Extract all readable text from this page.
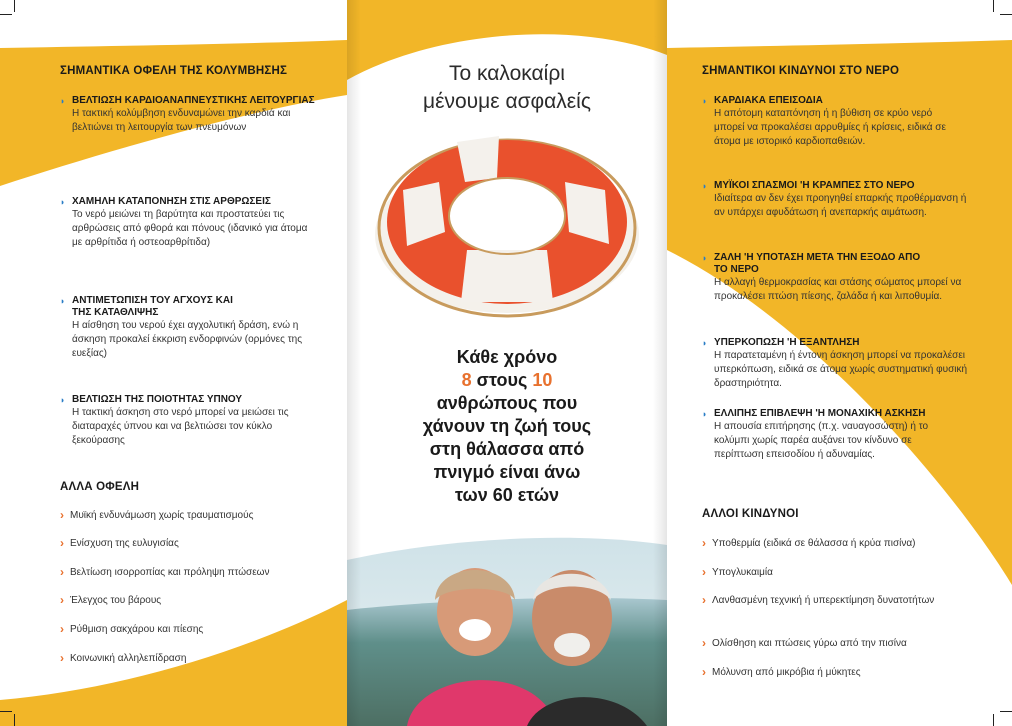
ΣΗΜΑΝΤΙΚΑ ΟΦΕΛΗ ΤΗΣ ΚΟΛΥΜΒΗΣΗΣ
◗ ΒΕΛΤΙΩΣΗ ΚΑΡΔΙΟΑΝΑΠΝΕΥΣΤΙΚΗΣ ΛΕΙΤΟΥΡΓΙΑΣ
Η τακτική κολύμβηση ενδυναμώνει την καρδιά και βελτιώνει τη λειτουργία των πνευμόνων
◗ ΧΑΜΗΛΗ ΚΑΤΑΠΟΝΗΣΗ ΣΤΙΣ ΑΡΘΡΩΣΕΙΣ
Το νερό μειώνει τη βαρύτητα και προστατεύει τις αρθρώσεις από φθορά και πόνους (ιδανικό για άτομα με αρθρίτιδα ή οστεοαρθρίτιδα)
◗ ΑΝΤΙΜΕΤΩΠΙΣΗ ΤΟΥ ΑΓΧΟΥΣ ΚΑΙ ΤΗΣ ΚΑΤΑΘΛΙΨΗΣ
Η αίσθηση του νερού έχει αγχολυτική δράση, ενώ η άσκηση προκαλεί έκκριση ενδορφινών (ορμόνες της ευεξίας)
◗ ΒΕΛΤΙΩΣΗ ΤΗΣ ΠΟΙΟΤΗΤΑΣ ΥΠΝΟΥ
Η τακτική άσκηση στο νερό μπορεί να μειώσει τις διαταραχές ύπνου και να βελτιώσει τον κύκλο ξεκούρασης
ΑΛΛΑ ΟΦΕΛΗ
› Μυϊκή ενδυνάμωση χωρίς τραυματισμούς
› Ενίσχυση της ευλυγισίας
› Βελτίωση ισορροπίας και πρόληψη πτώσεων
› Έλεγχος του βάρους
› Ρύθμιση σακχάρου και πίεσης
› Κοινωνική αλληλεπίδραση
Το καλοκαίρι
μένουμε ασφαλείς
Κάθε χρόνο
8 στους 10
ανθρώπους που
χάνουν τη ζωή τους
στη θάλασσα από
πνιγμό είναι άνω
των 60 ετών
ΣΗΜΑΝΤΙΚΟΙ ΚΙΝΔΥΝΟΙ ΣΤΟ ΝΕΡΟ
◗ ΚΑΡΔΙΑΚΑ ΕΠΕΙΣΟΔΙΑ
Η απότομη καταπόνηση ή η βύθιση σε κρύο νερό μπορεί να προκαλέσει αρρυθμίες ή κρίσεις, ειδικά σε άτομα με ιστορικό καρδιοπαθειών.
◗ ΜΥΪΚΟΙ ΣΠΑΣΜΟΙ 'Η ΚΡΑΜΠΕΣ ΣΤΟ ΝΕΡΟ
Ιδιαίτερα αν δεν έχει προηγηθεί επαρκής προθέρμανση ή αν υπάρχει αφυδάτωση ή ανεπαρκής αιμάτωση.
◗ ΖΑΛΗ 'Η ΥΠΟΤΑΣΗ ΜΕΤΑ ΤΗΝ ΕΞΟΔΟ ΑΠΟ ΤΟ ΝΕΡΟ
Η αλλαγή θερμοκρασίας και στάσης σώματος μπορεί να προκαλέσει πτώση πίεσης, ζαλάδα ή και λιποθυμία.
◗ ΥΠΕΡΚΟΠΩΣΗ 'Η ΕΞΑΝΤΛΗΣΗ
Η παρατεταμένη ή έντονη άσκηση μπορεί να προκαλέσει υπερκόπωση, ειδικά σε άτομα χωρίς συστηματική φυσική δραστηριότητα.
◗ ΕΛΛΙΠΗΣ ΕΠΙΒΛΕΨΗ 'Η ΜΟΝΑΧΙΚΗ ΑΣΚΗΣΗ
Η απουσία επιτήρησης (π.χ. ναυαγοσώστη) ή το κολύμπι χωρίς παρέα αυξάνει τον κίνδυνο σε περίπτωση επεισοδίου ή αδυναμίας.
ΑΛΛΟΙ ΚΙΝΔΥΝΟΙ
› Υποθερμία (ειδικά σε θάλασσα ή κρύα πισίνα)
› Υπογλυκαιμία
› Λανθασμένη τεχνική ή υπερεκτίμηση δυνατοτήτων
› Ολίσθηση και πτώσεις γύρω από την πισίνα
› Μόλυνση από μικρόβια ή μύκητες
